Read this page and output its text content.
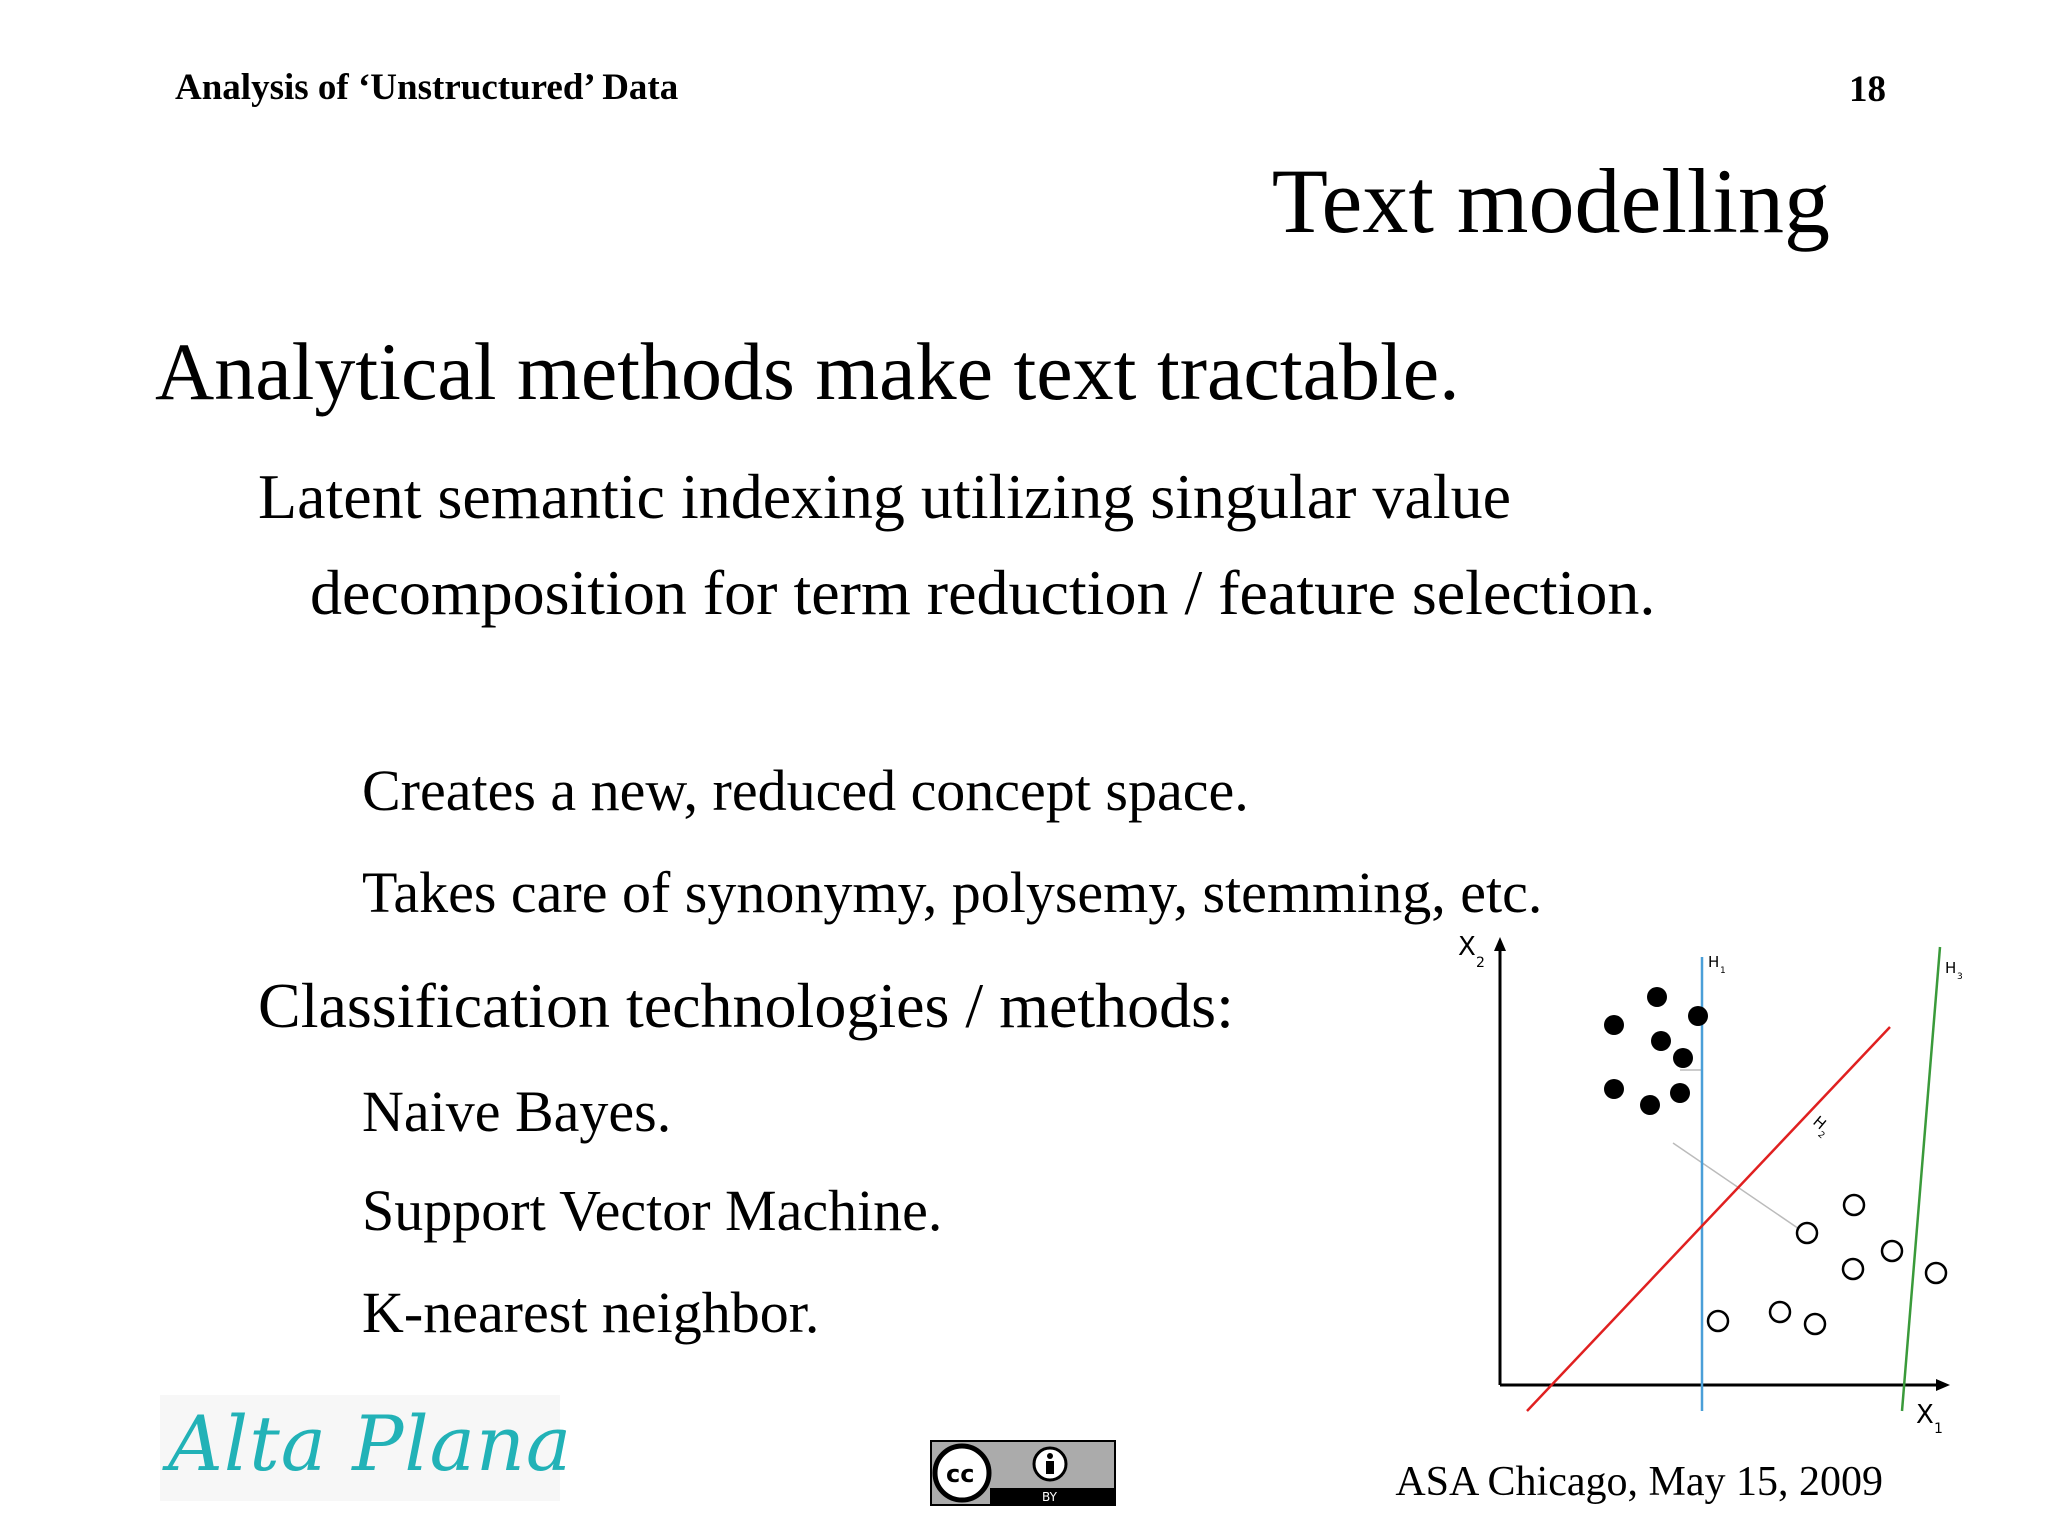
Analysis of ‘Unstructured’ Data	18
Text modelling
Analytical methods make text tractable.
Latent semantic indexing utilizing singular value decomposition for term reduction / feature selection.
Creates a new, reduced concept space.
Takes care of synonymy, polysemy, stemming, etc.
Classification technologies / methods:
Naive Bayes.
Support Vector Machine.
K-nearest neighbor.
X
2
X 1
H 1	H 3
H
2
Alta Plana	cc
BY	ASA Chicago, May 15, 2009
